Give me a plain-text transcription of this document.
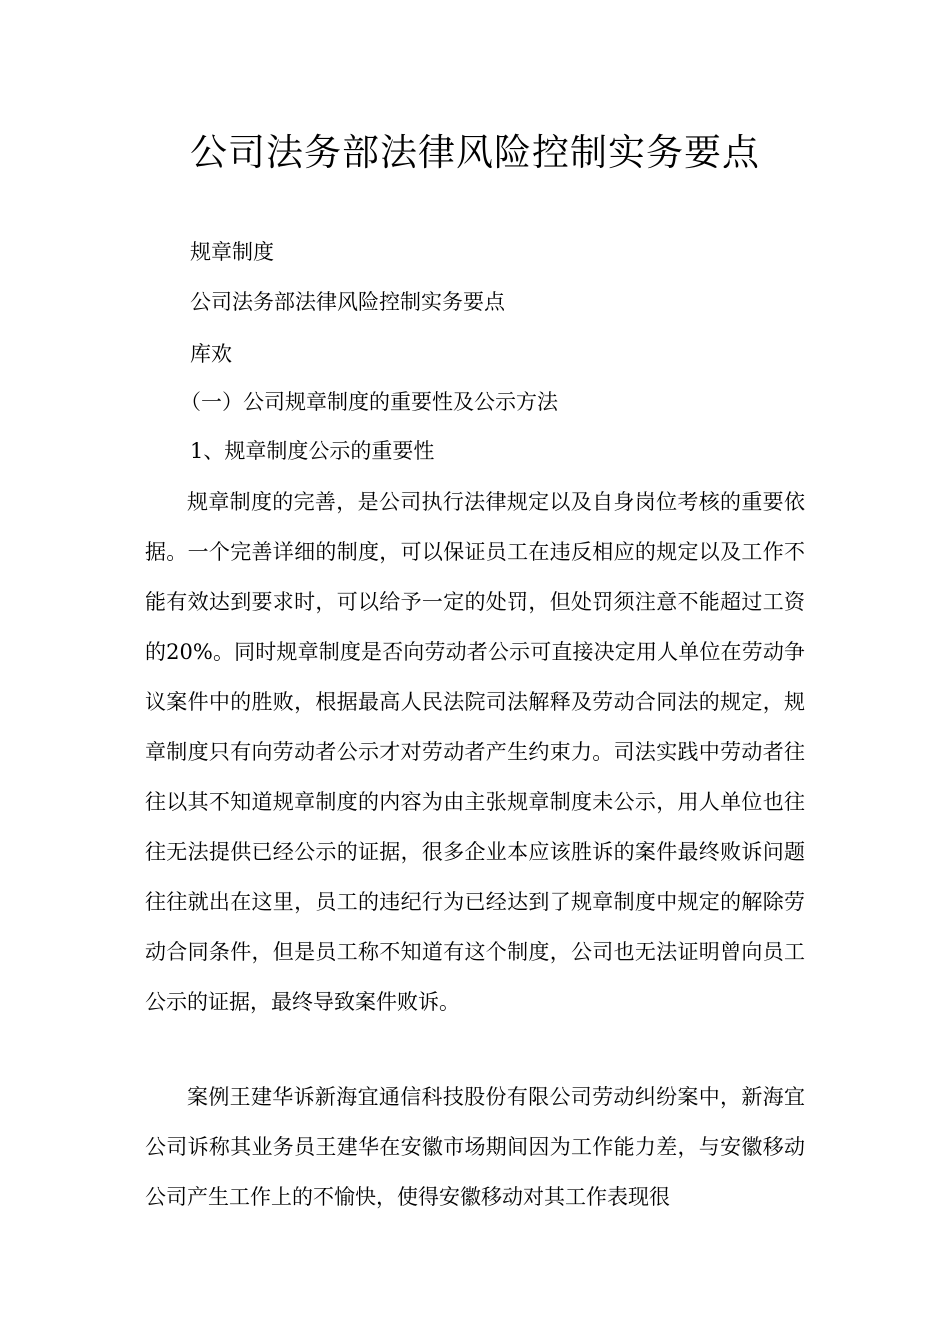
公司法务部法律风险控制实务要点
规章制度
公司法务部法律风险控制实务要点
库欢
（一）公司规章制度的重要性及公示方法
1、规章制度公示的重要性

规章制度的完善，是公司执行法律规定以及自身岗位考核的重要依据。一个完善详细的制度，可以保证员工在违反相应的规定以及工作不能有效达到要求时，可以给予一定的处罚，但处罚须注意不能超过工资的20%。同时规章制度是否向劳动者公示可直接决定用人单位在劳动争议案件中的胜败，根据最高人民法院司法解释及劳动合同法的规定，规章制度只有向劳动者公示才对劳动者产生约束力。司法实践中劳动者往往以其不知道规章制度的内容为由主张规章制度未公示，用人单位也往往无法提供已经公示的证据，很多企业本应该胜诉的案件最终败诉问题往往就出在这里，员工的违纪行为已经达到了规章制度中规定的解除劳动合同条件，但是员工称不知道有这个制度，公司也无法证明曾向员工公示的证据，最终导致案件败诉。

案例王建华诉新海宜通信科技股份有限公司劳动纠纷案中，新海宜公司诉称其业务员王建华在安徽市场期间因为工作能力差，与安徽移动公司产生工作上的不愉快，使得安徽移动对其工作表现很
